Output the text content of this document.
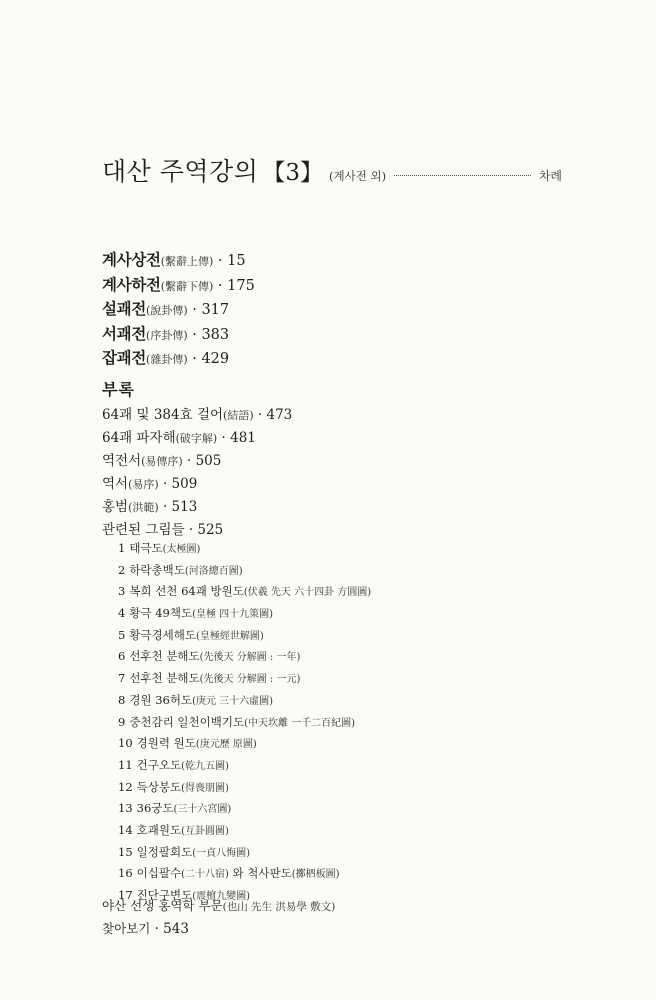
대산 주역강의 【3】 (계사전 외)	차례
계사상전(繫辭上傳) · 15
계사하전(繫辭下傳) · 175
설괘전(說卦傳) · 317
서괘전(序卦傳) · 383
잡괘전(雜卦傳) · 429
부록
64괘 및 384효 걸어(結語) · 473
64괘 파자해(破字解) · 481
역전서(易傳序) · 505
역서(易序) · 509
홍범(洪範) · 513
관련된 그림들 · 525
1 태극도(太極圖)
2 하락총백도(河洛總百圖)
3 복희 선천 64괘 방원도(伏羲 先天 六十四卦 方圓圖)
4 황극 49책도(皇極 四十九策圖)
5 황극경세해도(皇極經世解圖)
6 선후천 분해도(先後天 分解圖 : 一年)
7 선후천 분해도(先後天 分解圖 : 一元)
8 경원 36허도(庚元 三十六虛圖)
9 중천감리 일천이백기도(中天坎離 一千二百紀圖)
10 경원력 원도(庚元歷 原圖)
11 건구오도(乾九五圖)
12 득상붕도(得喪朋圖)
13 36궁도(三十六宮圖)
14 호괘원도(互卦圓圖)
15 일정팔회도(一貞八悔圖)
16 이십팔수(二十八宿) 와 척사판도(擲柶板圖)
17 진단구변도(震檀九變圖)
야산 선생 홍역학 부문(也山 先生 洪易學 敷文)
찾아보기 · 543
